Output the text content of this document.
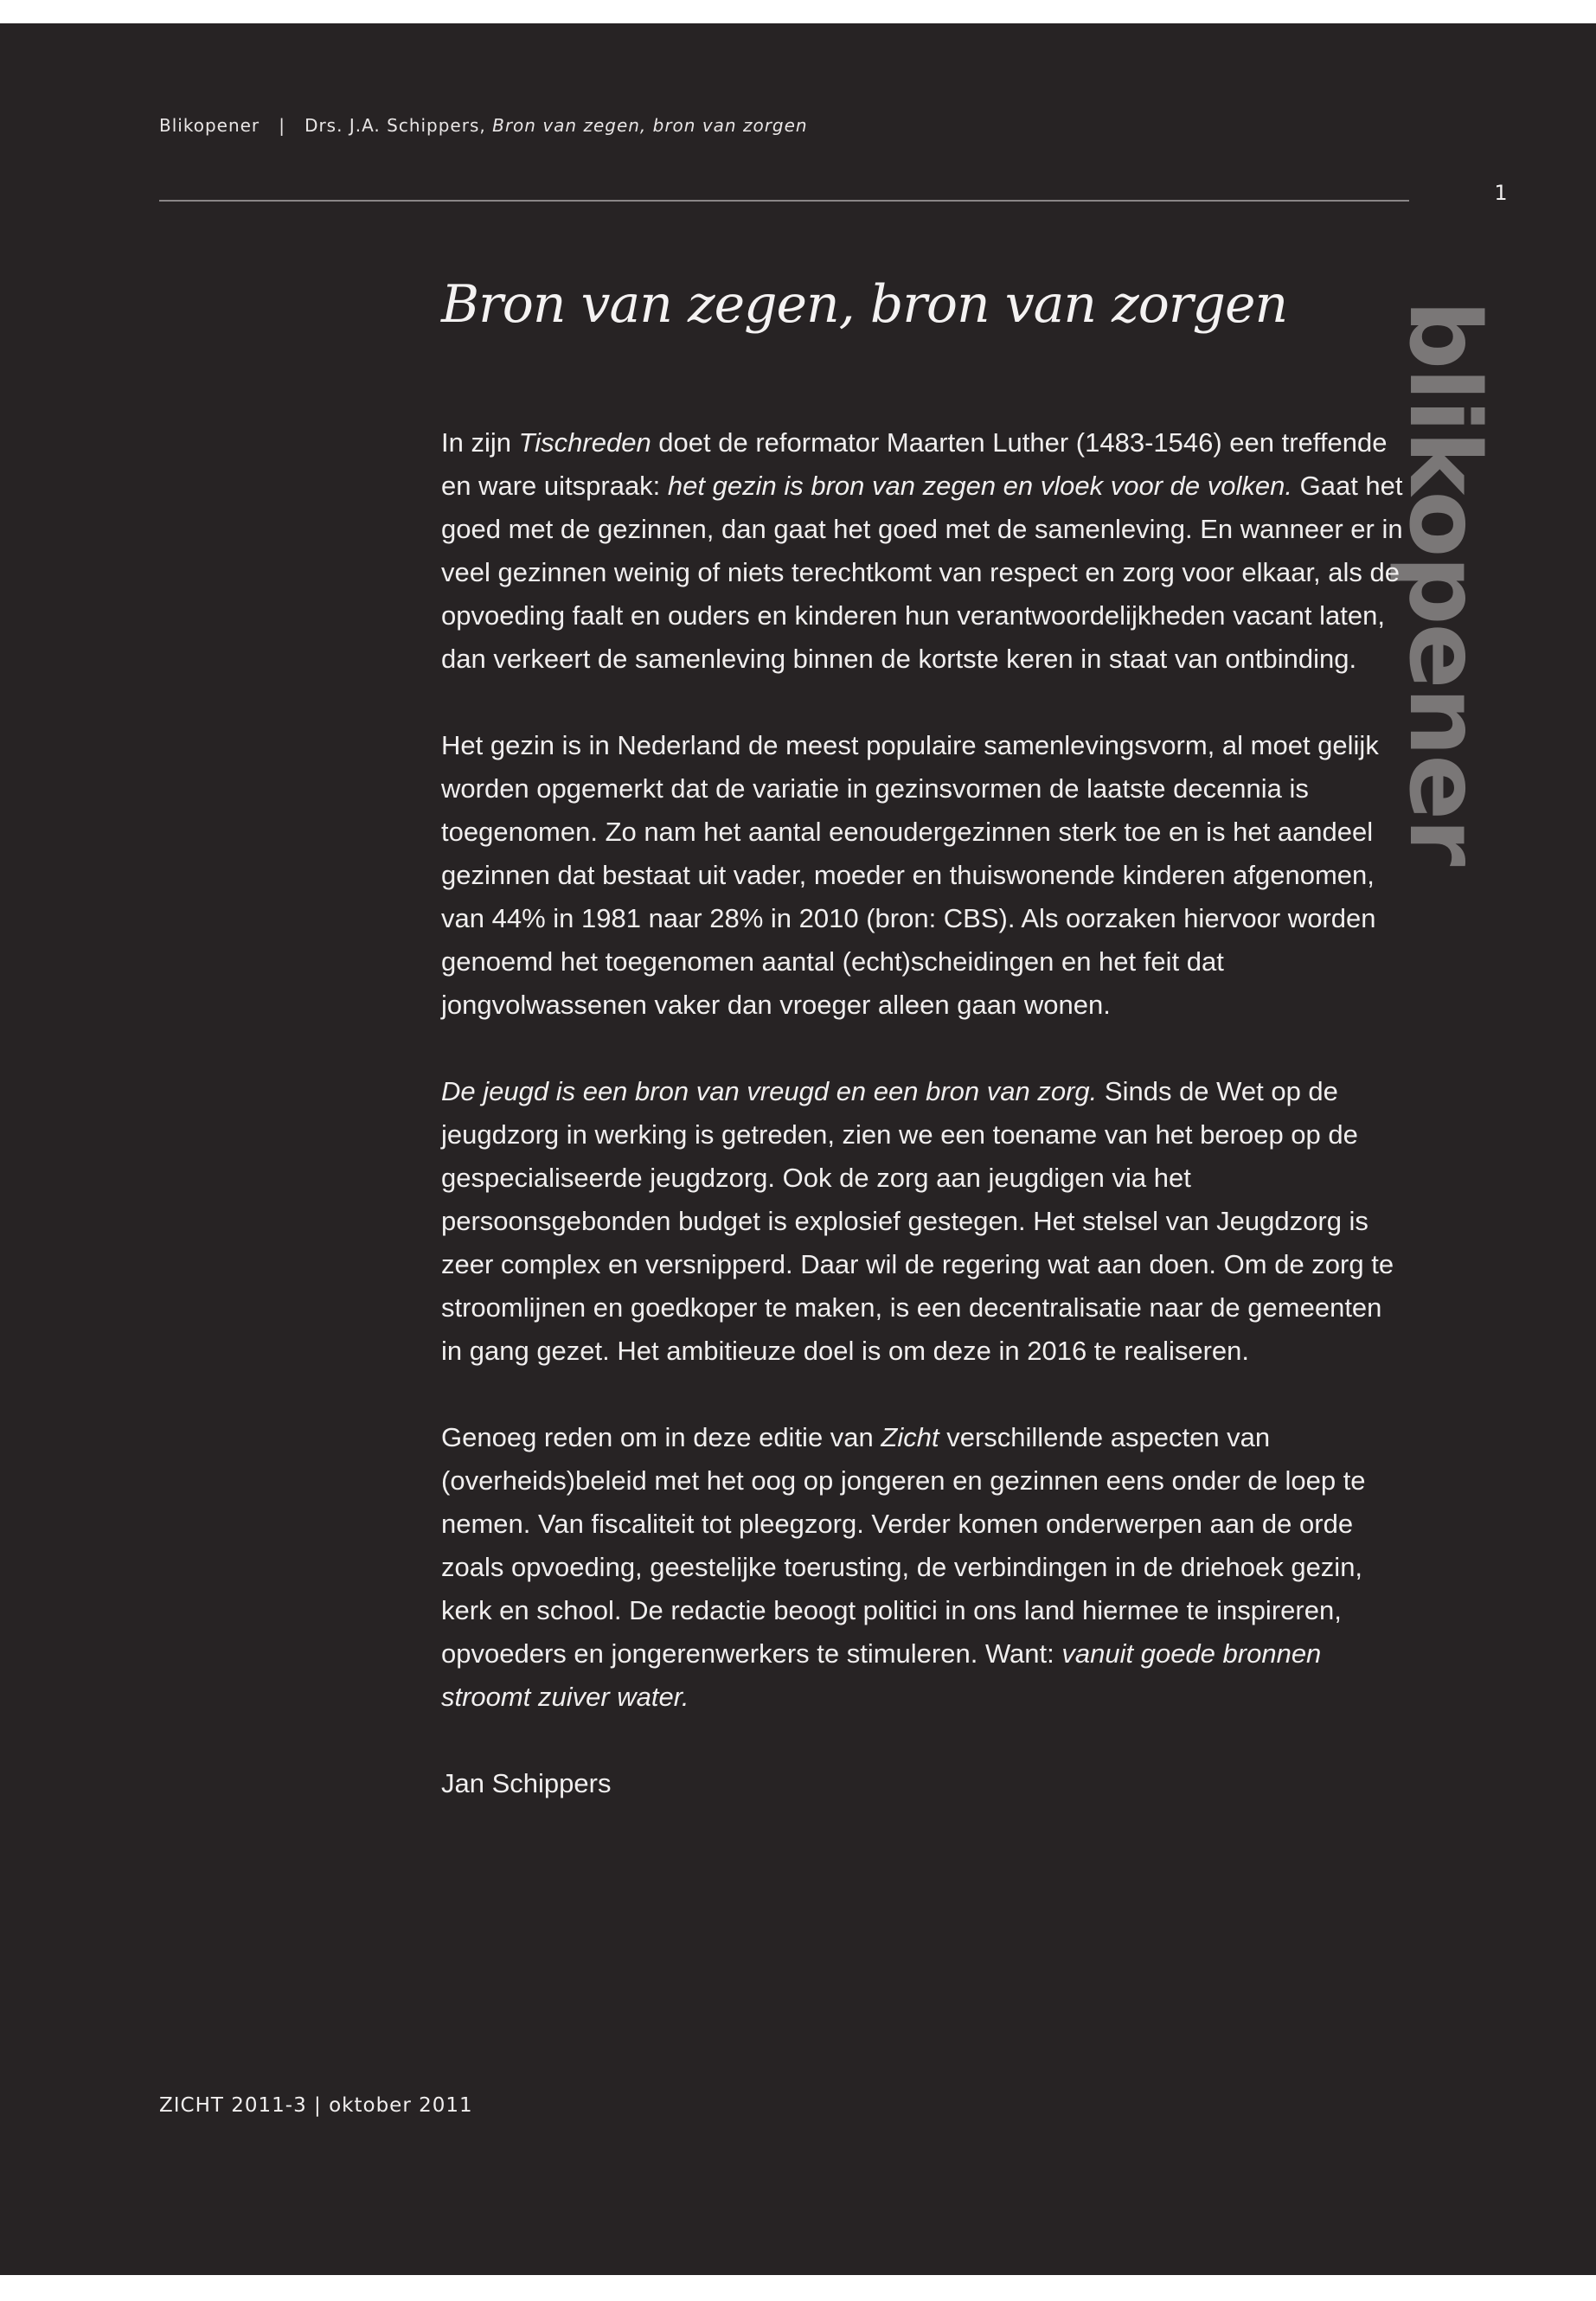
Blikopener | Drs. J.A. Schippers, Bron van zegen, bron van zorgen
1
blikopener
Bron van zegen, bron van zorgen

In zijn Tischreden doet de reformator Maarten Luther (1483-1546) een treffende en ware uitspraak: het gezin is bron van zegen en vloek voor de volken. Gaat het goed met de gezinnen, dan gaat het goed met de samenleving. En wanneer er in veel gezinnen weinig of niets terechtkomt van respect en zorg voor elkaar, als de opvoeding faalt en ouders en kinderen hun verantwoordelijkheden vacant laten, dan verkeert de samenleving binnen de kortste keren in staat van ontbinding.

Het gezin is in Nederland de meest populaire samenlevingsvorm, al moet gelijk worden opgemerkt dat de variatie in gezinsvormen de laatste decennia is toegenomen. Zo nam het aantal eenoudergezinnen sterk toe en is het aandeel gezinnen dat bestaat uit vader, moeder en thuiswonende kinderen afgenomen, van 44% in 1981 naar 28% in 2010 (bron: CBS). Als oorzaken hiervoor worden genoemd het toegenomen aantal (echt)scheidingen en het feit dat jongvolwassenen vaker dan vroeger alleen gaan wonen.

De jeugd is een bron van vreugd en een bron van zorg. Sinds de Wet op de jeugdzorg in werking is getreden, zien we een toename van het beroep op de gespecialiseerde jeugdzorg. Ook de zorg aan jeugdigen via het persoonsgebonden budget is explosief gestegen. Het stelsel van Jeugdzorg is zeer complex en versnipperd. Daar wil de regering wat aan doen. Om de zorg te stroomlijnen en goedkoper te maken, is een decentralisatie naar de gemeenten in gang gezet. Het ambitieuze doel is om deze in 2016 te realiseren.

Genoeg reden om in deze editie van Zicht verschillende aspecten van (overheids)beleid met het oog op jongeren en gezinnen eens onder de loep te nemen. Van fiscaliteit tot pleegzorg. Verder komen onderwerpen aan de orde zoals opvoeding, geestelijke toerusting, de verbindingen in de driehoek gezin, kerk en school. De redactie beoogt politici in ons land hiermee te inspireren, opvoeders en jongerenwerkers te stimuleren. Want: vanuit goede bronnen stroomt zuiver water.

Jan Schippers

ZICHT 2011-3 | oktober 2011
